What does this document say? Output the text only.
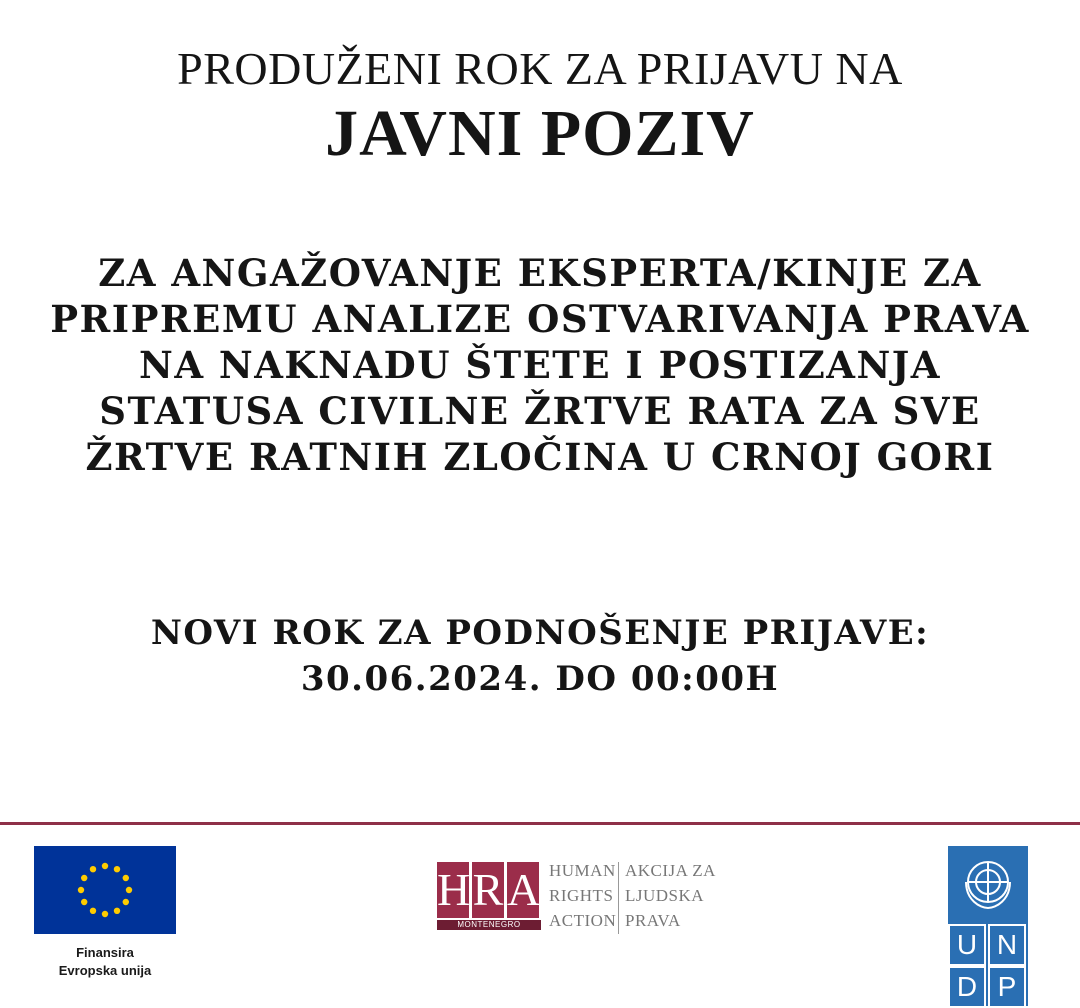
PRODUŽENI ROK ZA PRIJAVU NA
JAVNI POZIV
ZA ANGAŽOVANJE EKSPERTA/KINJE ZA
PRIPREMU ANALIZE OSTVARIVANJA PRAVA
NA NAKNADU ŠTETE I POSTIZANJA
STATUSA CIVILNE ŽRTVE RATA ZA SVE
ŽRTVE RATNIH ZLOČINA U CRNOJ GORI
NOVI ROK ZA PODNOŠENJE PRIJAVE:
30.06.2024. DO 00:00H
Finansira
Evropska unija
H R A
MONTENEGRO
HUMAN
RIGHTS
ACTION
AKCIJA ZA
LJUDSKA
PRAVA
U N
D P
